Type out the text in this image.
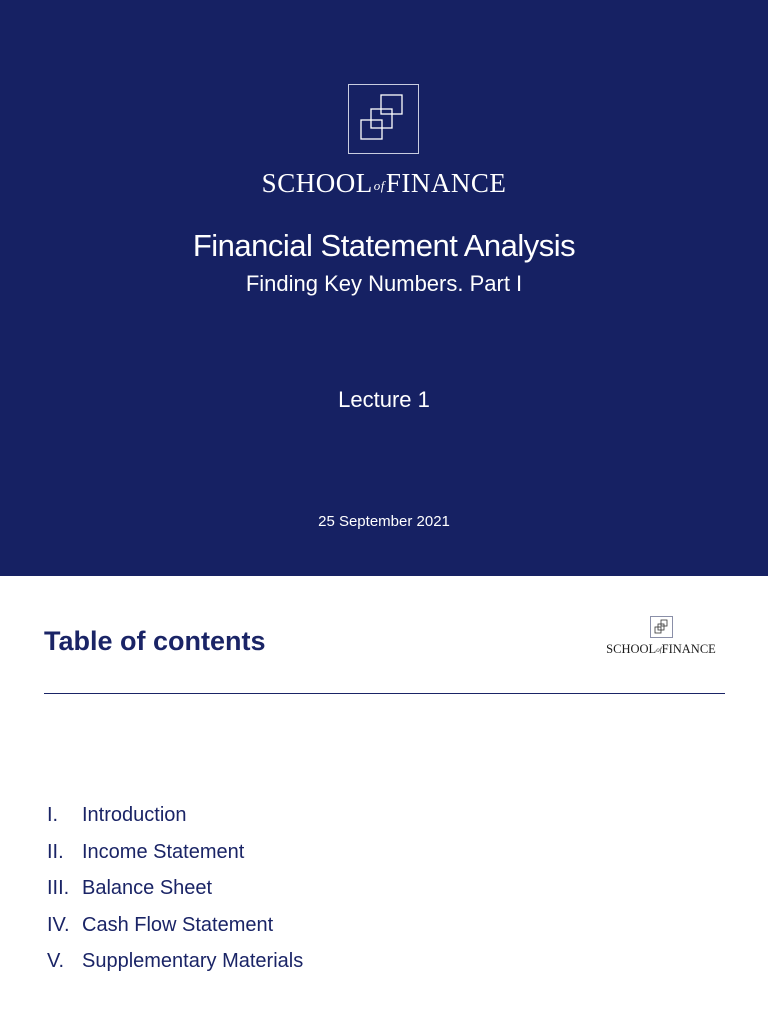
SCHOOLofFINANCE
Financial Statement Analysis
Finding Key Numbers. Part I
Lecture 1
25 September 2021
Table of contents	SCHOOLofFINANCE
I.	Introduction
II. Income Statement
III. Balance Sheet
IV. Cash Flow Statement
V. Supplementary Materials
